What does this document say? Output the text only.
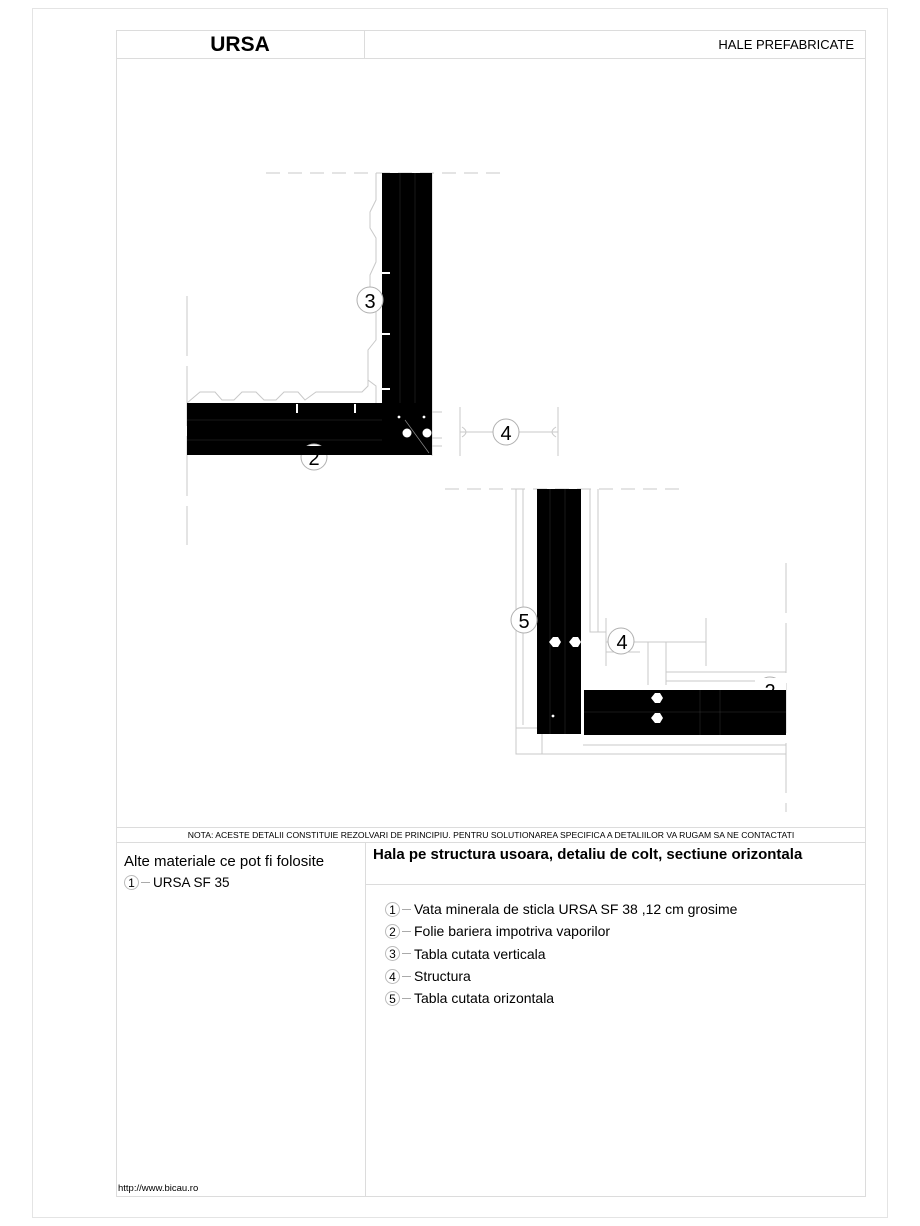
URSA	HALE PREFABRICATE
3
4
2
5
4
2
NOTA: ACESTE DETALII CONSTITUIE REZOLVARI DE PRINCIPIU. PENTRU SOLUTIONAREA SPECIFICA A DETALIILOR VA RUGAM SA NE CONTACTATI
Alte materiale ce pot fi folosite
1	URSA SF 35
Hala pe structura usoara, detaliu de colt, sectiune orizontala
1 Vata minerala de sticla URSA SF 38 ,12 cm grosime
2 Folie bariera impotriva vaporilor
3 Tabla cutata verticala
4 Structura
5 Tabla cutata orizontala
http://www.bicau.ro
